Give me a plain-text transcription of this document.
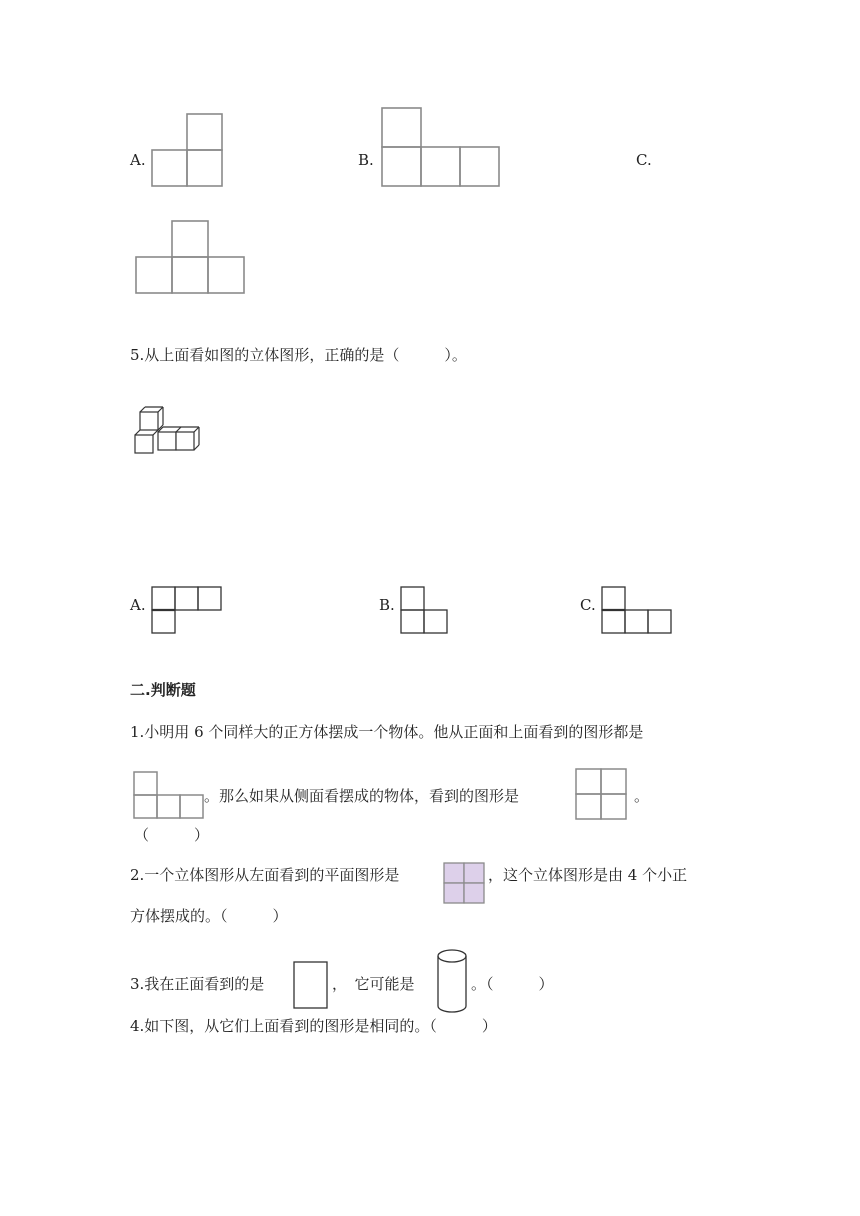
A.	B.	C.
5.从上面看如图的立体图形，正确的是（　　　）。
A.	B.	C.
二.判断题
1.小明用 6 个同样大的正方体摆成一个物体。他从正面和上面看到的图形都是
。那么如果从侧面看摆成的物体，看到的图形是	。
（　　　）
2.一个立体图形从左面看到的平面图形是	，这个立体图形是由 4 个小正
方体摆成的。（　　　）
3.我在正面看到的是	，　它可能是	。（　　　）
4.如下图，从它们上面看到的图形是相同的。（　　　）
